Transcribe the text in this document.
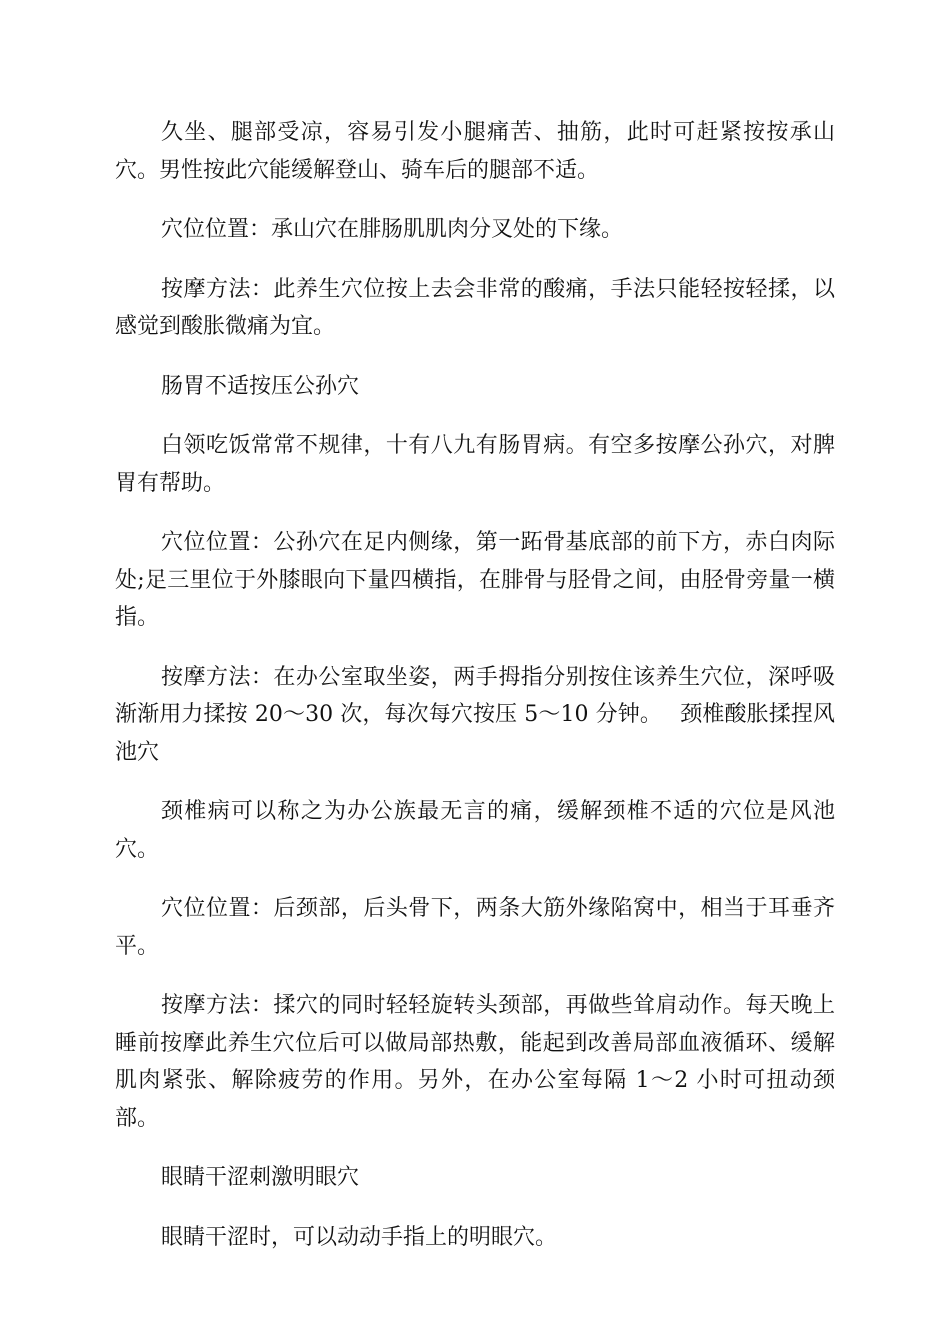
久坐、腿部受凉，容易引发小腿痛苦、抽筋，此时可赶紧按按承山穴。男性按此穴能缓解登山、骑车后的腿部不适。

穴位位置：承山穴在腓肠肌肌肉分叉处的下缘。

按摩方法：此养生穴位按上去会非常的酸痛，手法只能轻按轻揉，以感觉到酸胀微痛为宜。

肠胃不适按压公孙穴

白领吃饭常常不规律，十有八九有肠胃病。有空多按摩公孙穴，对脾胃有帮助。

穴位位置：公孙穴在足内侧缘，第一跖骨基底部的前下方，赤白肉际处;足三里位于外膝眼向下量四横指，在腓骨与胫骨之间，由胫骨旁量一横指。

按摩方法：在办公室取坐姿，两手拇指分别按住该养生穴位，深呼吸渐渐用力揉按 20～30 次，每次每穴按压 5～10 分钟。　 颈椎酸胀揉捏风池穴

颈椎病可以称之为办公族最无言的痛，缓解颈椎不适的穴位是风池穴。

穴位位置：后颈部，后头骨下，两条大筋外缘陷窝中，相当于耳垂齐平。

按摩方法：揉穴的同时轻轻旋转头颈部，再做些耸肩动作。每天晚上睡前按摩此养生穴位后可以做局部热敷，能起到改善局部血液循环、缓解肌肉紧张、解除疲劳的作用。另外，在办公室每隔 1～2 小时可扭动颈部。

眼睛干涩刺激明眼穴

眼睛干涩时，可以动动手指上的明眼穴。
